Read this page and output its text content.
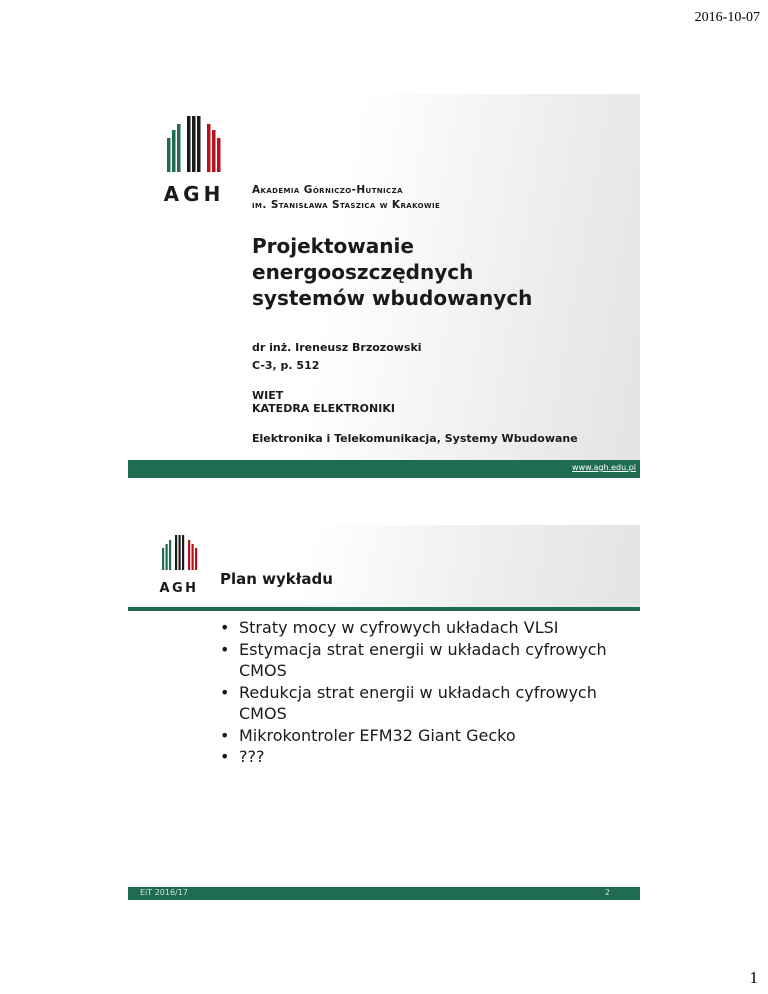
2016-10-07
AGH	Akademia Górniczo-Hutnicza
im. Stanisława Staszica w Krakowie
Projektowanie
energooszczędnych
systemów wbudowanych
dr inż. Ireneusz Brzozowski
C-3, p. 512
WIET
KATEDRA ELEKTRONIKI
Elektronika i Telekomunikacja, Systemy Wbudowane
www.agh.edu.pl
AGH
Plan wykładu
• Straty mocy w cyfrowych układach VLSI
• Estymacja strat energii w układach cyfrowych CMOS
• Redukcja strat energii w układach cyfrowych CMOS
• Mikrokontroler EFM32 Giant Gecko
• ???
EiT 2016/17	2
1
